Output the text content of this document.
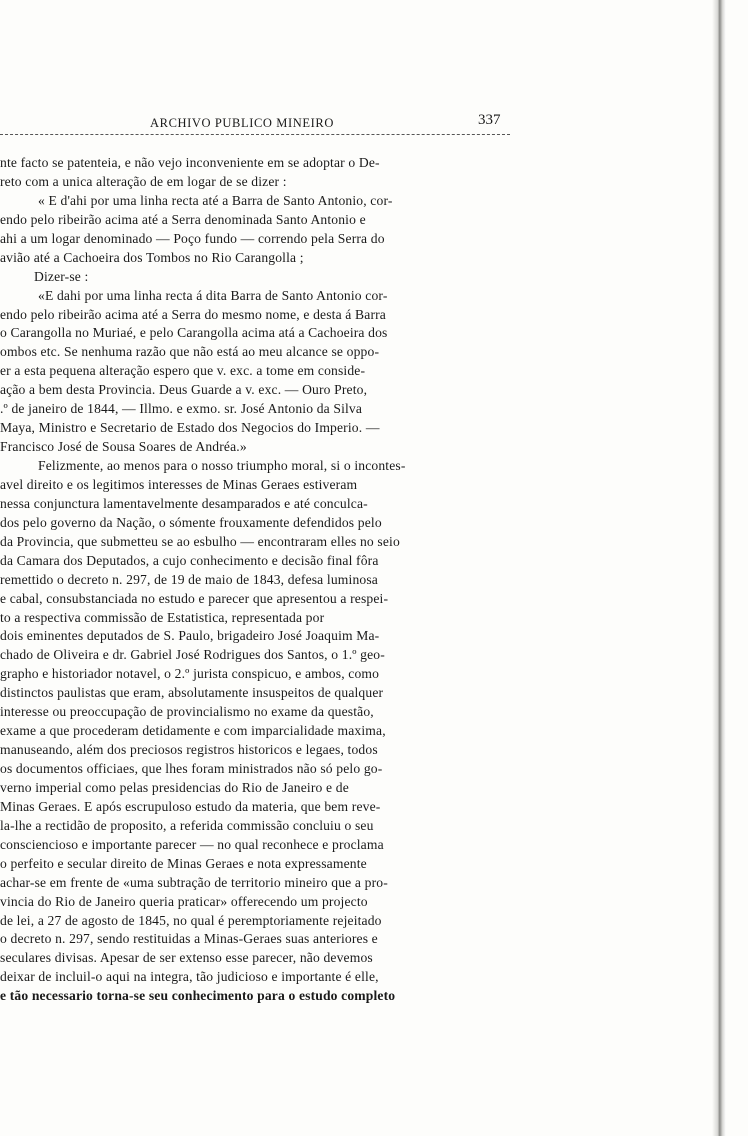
ARCHIVO PUBLICO MINEIRO	337
nte facto se patenteia, e não vejo inconveniente em se adoptar o De-
reto com a unica alteração de em logar de se dizer :
« E d'ahi por uma linha recta até a Barra de Santo Antonio, cor-
endo pelo ribeirão acima até a Serra denominada Santo Antonio e
ahi a um logar denominado — Poço fundo — correndo pela Serra do
avião até a Cachoeira dos Tombos no Rio Carangolla ;
Dizer-se :
«E dahi por uma linha recta á dita Barra de Santo Antonio cor-
endo pelo ribeirão acima até a Serra do mesmo nome, e desta á Barra
o Carangolla no Muriaé, e pelo Carangolla acima atá a Cachoeira dos
ombos etc. Se nenhuma razão que não está ao meu alcance se oppo-
er a esta pequena alteração espero que v. exc. a tome em conside-
ação a bem desta Provincia. Deus Guarde a v. exc. — Ouro Preto,
.º de janeiro de 1844, — Illmo. e exmo. sr. José Antonio da Silva
Maya, Ministro e Secretario de Estado dos Negocios do Imperio. —
Francisco José de Sousa Soares de Andréa.»
Felizmente, ao menos para o nosso triumpho moral, si o incontes-
avel direito e os legitimos interesses de Minas Geraes estiveram
nessa conjunctura lamentavelmente desamparados e até conculca-
dos pelo governo da Nação, o sómente frouxamente defendidos pelo
da Provincia, que submetteu se ao esbulho — encontraram elles no seio
da Camara dos Deputados, a cujo conhecimento e decisão final fôra
remettido o decreto n. 297, de 19 de maio de 1843, defesa luminosa
e cabal, consubstanciada no estudo e parecer que apresentou a respei-
to a respectiva commissão de Estatistica, representada por
dois eminentes deputados de S. Paulo, brigadeiro José Joaquim Ma-
chado de Oliveira e dr. Gabriel José Rodrigues dos Santos, o 1.º geo-
grapho e historiador notavel, o 2.º jurista conspicuo, e ambos, como
distinctos paulistas que eram, absolutamente insuspeitos de qualquer
interesse ou preoccupação de provincialismo no exame da questão,
exame a que procederam detidamente e com imparcialidade maxima,
manuseando, além dos preciosos registros historicos e legaes, todos
os documentos officiaes, que lhes foram ministrados não só pelo go-
verno imperial como pelas presidencias do Rio de Janeiro e de
Minas Geraes. E após escrupuloso estudo da materia, que bem reve-
la-lhe a rectidão de proposito, a referida commissão concluiu o seu
consciencioso e importante parecer — no qual reconhece e proclama
o perfeito e secular direito de Minas Geraes e nota expressamente
achar-se em frente de «uma subtração de territorio mineiro que a pro-
vincia do Rio de Janeiro queria praticar» offerecendo um projecto
de lei, a 27 de agosto de 1845, no qual é peremptoriamente rejeitado
o decreto n. 297, sendo restituidas a Minas-Geraes suas anteriores e
seculares divisas. Apesar de ser extenso esse parecer, não devemos
deixar de incluil-o aqui na integra, tão judicioso e importante é elle,
e tão necessario torna-se seu conhecimento para o estudo completo
